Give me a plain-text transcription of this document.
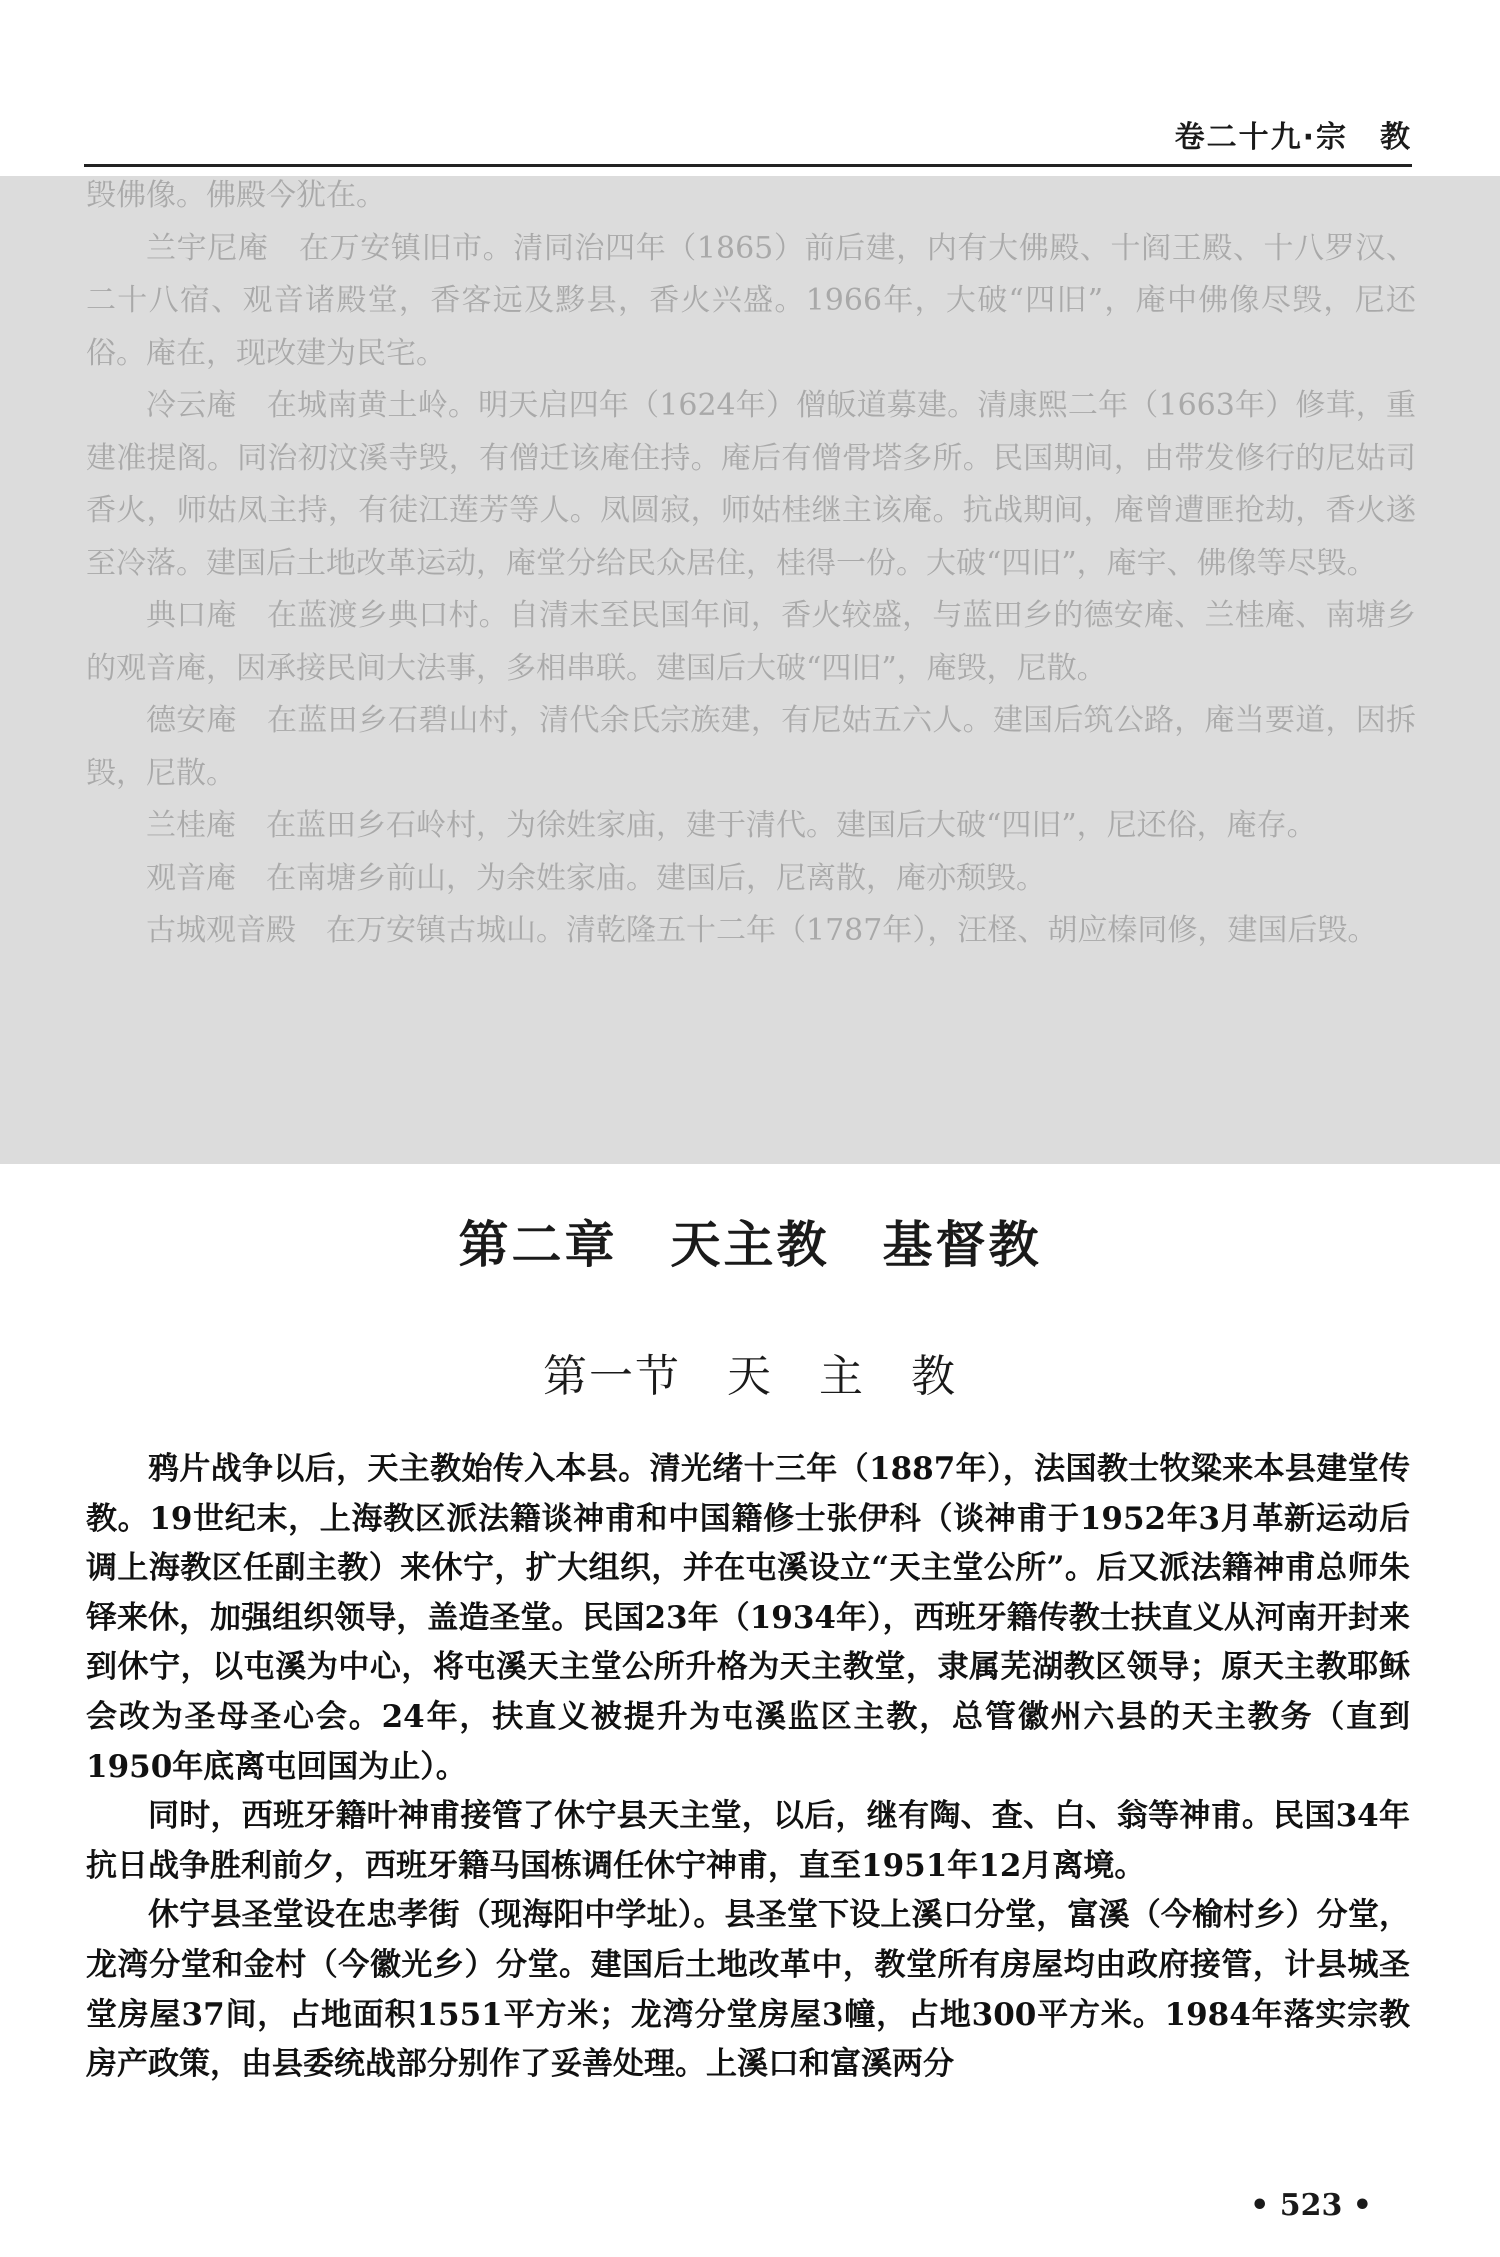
卷二十九·宗　教

毁佛像。佛殿今犹在。

兰宇尼庵　在万安镇旧市。清同治四年（1865）前后建，内有大佛殿、十阎王殿、十八罗汉、二十八宿、观音诸殿堂，香客远及黟县，香火兴盛。1966年，大破“四旧”，庵中佛像尽毁，尼还俗。庵在，现改建为民宅。

冷云庵　在城南黄土岭。明天启四年（1624年）僧皈道募建。清康熙二年（1663年）修茸，重建准提阁。同治初汶溪寺毁，有僧迁该庵住持。庵后有僧骨塔多所。民国期间，由带发修行的尼姑司香火，师姑凤主持，有徒江莲芳等人。凤圆寂，师姑桂继主该庵。抗战期间，庵曾遭匪抢劫，香火遂至冷落。建国后土地改革运动，庵堂分给民众居住，桂得一份。大破“四旧”，庵宇、佛像等尽毁。

典口庵　在蓝渡乡典口村。自清末至民国年间，香火较盛，与蓝田乡的德安庵、兰桂庵、南塘乡的观音庵，因承接民间大法事，多相串联。建国后大破“四旧”，庵毁，尼散。

德安庵　在蓝田乡石碧山村，清代余氏宗族建，有尼姑五六人。建国后筑公路，庵当要道，因拆毁，尼散。

兰桂庵　在蓝田乡石岭村，为徐姓家庙，建于清代。建国后大破“四旧”，尼还俗，庵存。

观音庵　在南塘乡前山，为余姓家庙。建国后，尼离散，庵亦颓毁。

古城观音殿　在万安镇古城山。清乾隆五十二年（1787年），汪柽、胡应榛同修，建国后毁。

第二章　天主教　基督教
第一节　天　主　教

鸦片战争以后，天主教始传入本县。清光绪十三年（1887年），法国教士牧粱来本县建堂传教。19世纪末，上海教区派法籍谈神甫和中国籍修士张伊科（谈神甫于1952年3月革新运动后调上海教区任副主教）来休宁，扩大组织，并在屯溪设立“天主堂公所”。后又派法籍神甫总师朱铎来休，加强组织领导，盖造圣堂。民国23年（1934年），西班牙籍传教士扶直义从河南开封来到休宁，以屯溪为中心，将屯溪天主堂公所升格为天主教堂，隶属芜湖教区领导；原天主教耶稣会改为圣母圣心会。24年，扶直义被提升为屯溪监区主教，总管徽州六县的天主教务（直到1950年底离屯回国为止）。

同时，西班牙籍叶神甫接管了休宁县天主堂，以后，继有陶、查、白、翁等神甫。民国34年抗日战争胜利前夕，西班牙籍马国栋调任休宁神甫，直至1951年12月离境。

休宁县圣堂设在忠孝街（现海阳中学址）。县圣堂下设上溪口分堂，富溪（今榆村乡）分堂，龙湾分堂和金村（今徽光乡）分堂。建国后土地改革中，教堂所有房屋均由政府接管，计县城圣堂房屋37间，占地面积1551平方米；龙湾分堂房屋3幢，占地300平方米。1984年落实宗教房产政策，由县委统战部分别作了妥善处理。上溪口和富溪两分

• 523 •
